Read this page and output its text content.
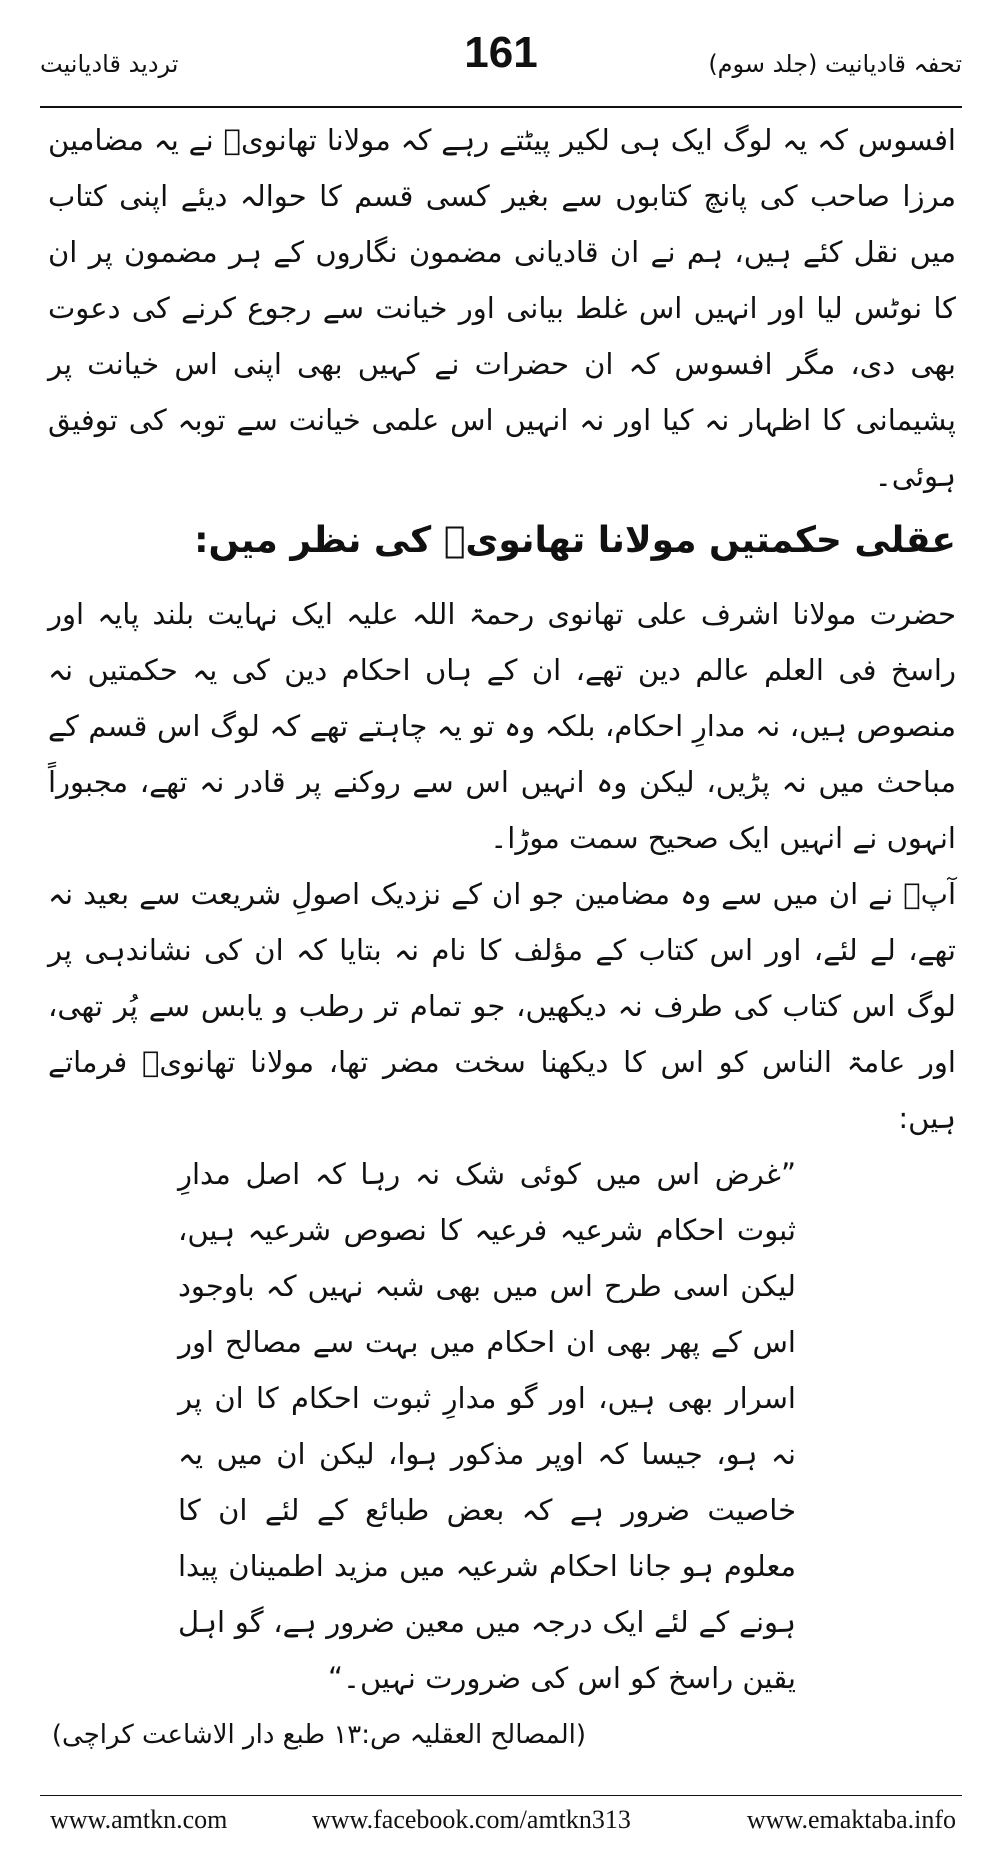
تردید قادیانیت	161	تحفہ قادیانیت (جلد سوم)

افسوس کہ یہ لوگ ایک ہی لکیر پیٹتے رہے کہ مولانا تھانویؒ نے یہ مضامین مرزا صاحب کی پانچ کتابوں سے بغیر کسی قسم کا حوالہ دیئے اپنی کتاب میں نقل کئے ہیں، ہم نے ان قادیانی مضمون نگاروں کے ہر مضمون پر ان کا نوٹس لیا اور انہیں اس غلط بیانی اور خیانت سے رجوع کرنے کی دعوت بھی دی، مگر افسوس کہ ان حضرات نے کہیں بھی اپنی اس خیانت پر پشیمانی کا اظہار نہ کیا اور نہ انہیں اس علمی خیانت سے توبہ کی توفیق ہوئی۔

عقلی حکمتیں مولانا تھانویؒ کی نظر میں:

حضرت مولانا اشرف علی تھانوی رحمۃ اللہ علیہ ایک نہایت بلند پایہ اور راسخ فی العلم عالم دین تھے، ان کے ہاں احکام دین کی یہ حکمتیں نہ منصوص ہیں، نہ مدارِ احکام، بلکہ وہ تو یہ چاہتے تھے کہ لوگ اس قسم کے مباحث میں نہ پڑیں، لیکن وہ انہیں اس سے روکنے پر قادر نہ تھے، مجبوراً انہوں نے انہیں ایک صحیح سمت موڑا۔

آپؒ نے ان میں سے وہ مضامین جو ان کے نزدیک اصولِ شریعت سے بعید نہ تھے، لے لئے، اور اس کتاب کے مؤلف کا نام نہ بتایا کہ ان کی نشاندہی پر لوگ اس کتاب کی طرف نہ دیکھیں، جو تمام تر رطب و یابس سے پُر تھی، اور عامۃ الناس کو اس کا دیکھنا سخت مضر تھا، مولانا تھانویؒ فرماتے ہیں:

”غرض اس میں کوئی شک نہ رہا کہ اصل مدارِ ثبوت احکام شرعیہ فرعیہ کا نصوص شرعیہ ہیں، لیکن اسی طرح اس میں بھی شبہ نہیں کہ باوجود اس کے پھر بھی ان احکام میں بہت سے مصالح اور اسرار بھی ہیں، اور گو مدارِ ثبوت احکام کا ان پر نہ ہو، جیسا کہ اوپر مذکور ہوا، لیکن ان میں یہ خاصیت ضرور ہے کہ بعض طبائع کے لئے ان کا معلوم ہو جانا احکام شرعیہ میں مزید اطمینان پیدا ہونے کے لئے ایک درجہ میں معین ضرور ہے، گو اہل یقین راسخ کو اس کی ضرورت نہیں۔“

(المصالح العقلیہ ص:۱۳ طبع دار الاشاعت کراچی)

www.amtkn.com	www.facebook.com/amtkn313	www.emaktaba.info
